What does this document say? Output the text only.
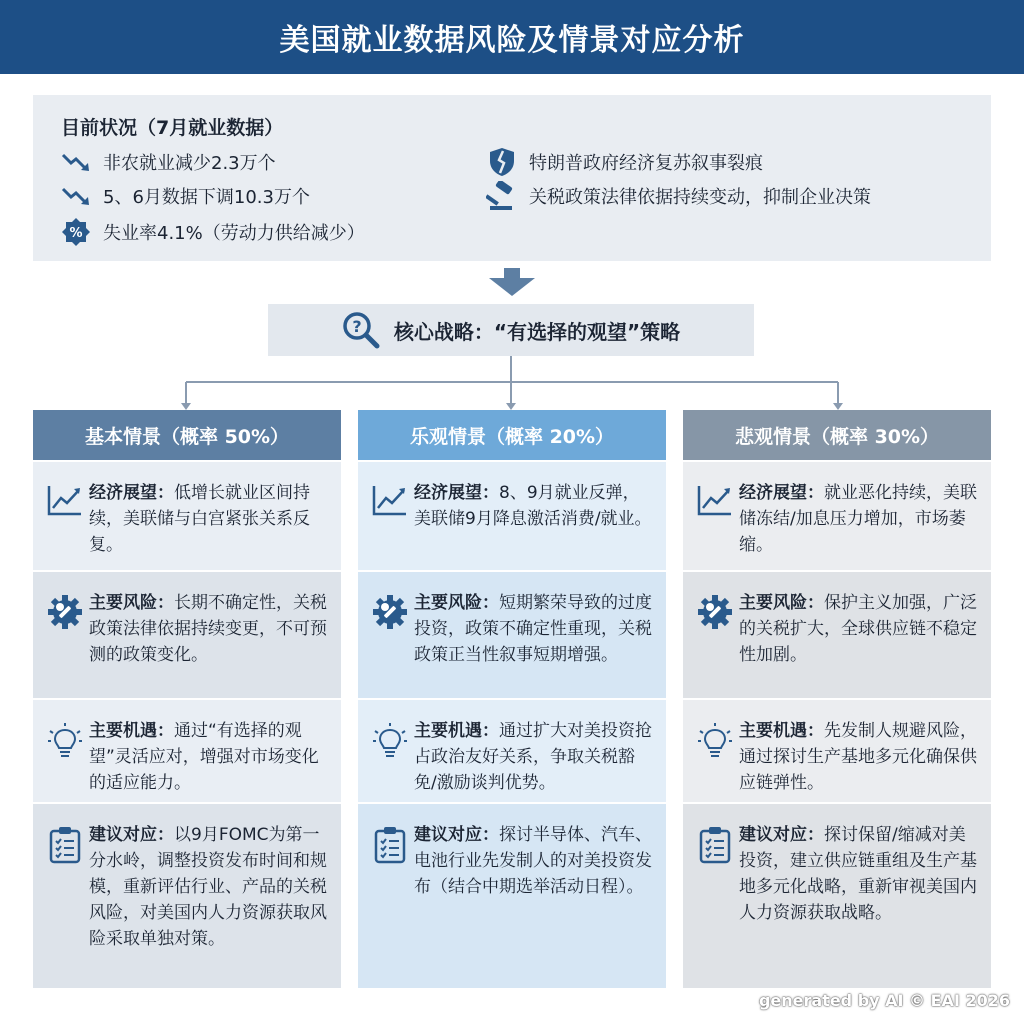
美国就业数据风险及情景对应分析
目前状况（7月就业数据）
非农就业减少2.3万个
5、6月数据下调10.3万个
% 失业率4.1%（劳动力供给减少）
特朗普政府经济复苏叙事裂痕
关税政策法律依据持续变动，抑制企业决策
? 核心战略：“有选择的观望”策略
基本情景（概率 50%）
经济展望：低增长就业区间持续，美联储与白宫紧张关系反复。
主要风险：长期不确定性，关税政策法律依据持续变更，不可预测的政策变化。
主要机遇：通过“有选择的观望”灵活应对，增强对市场变化的适应能力。
建议对应：以9月FOMC为第一分水岭，调整投资发布时间和规模，重新评估行业、产品的关税风险，对美国内人力资源获取风险采取单独对策。
乐观情景（概率 20%）
经济展望：8、9月就业反弹，美联储9月降息激活消费/就业。
主要风险：短期繁荣导致的过度投资，政策不确定性重现，关税政策正当性叙事短期增强。
主要机遇：通过扩大对美投资抢占政治友好关系，争取关税豁免/激励谈判优势。
建议对应：探讨半导体、汽车、电池行业先发制人的对美投资发布（结合中期选举活动日程）。
悲观情景（概率 30%）
经济展望：就业恶化持续，美联储冻结/加息压力增加，市场萎缩。
主要风险：保护主义加强，广泛的关税扩大，全球供应链不稳定性加剧。
主要机遇：先发制人规避风险，通过探讨生产基地多元化确保供应链弹性。
建议对应：探讨保留/缩减对美投资，建立供应链重组及生产基地多元化战略，重新审视美国内人力资源获取战略。
generated by AI © EAI 2026
